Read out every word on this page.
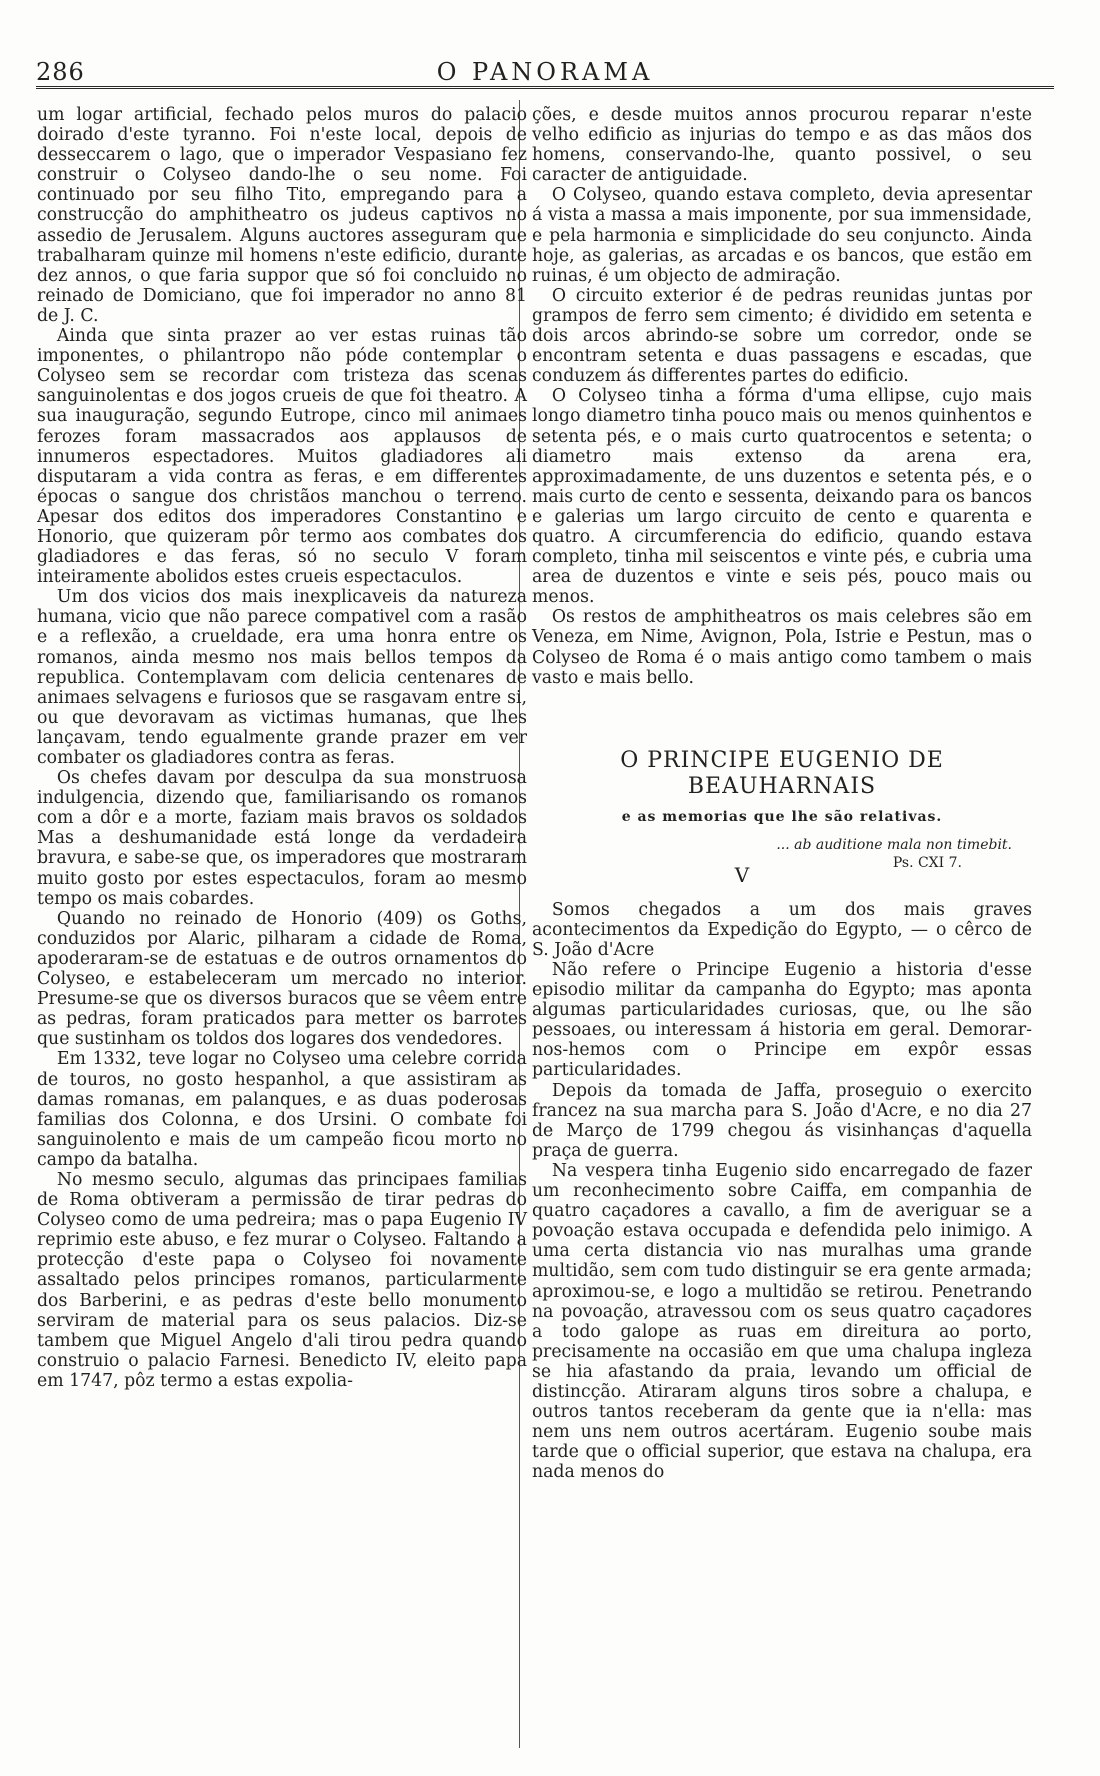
286	O PANORAMA

um logar artificial, fechado pelos muros do palacio doirado d'este tyranno. Foi n'este local, depois de desseccarem o lago, que o imperador Vespasiano fez construir o Colyseo dando-lhe o seu nome. Foi continuado por seu filho Tito, empregando para a construcção do amphitheatro os judeus captivos no assedio de Jerusalem. Alguns auctores asseguram que trabalharam quinze mil homens n'este edificio, durante dez annos, o que faria suppor que só foi concluido no reinado de Domiciano, que foi imperador no anno 81 de J. C.

Ainda que sinta prazer ao ver estas ruinas tão imponentes, o philantropo não póde contemplar o Colyseo sem se recordar com tristeza das scenas sanguinolentas e dos jogos crueis de que foi theatro. A sua inauguração, segundo Eutrope, cinco mil animaes ferozes foram massacrados aos applausos de innumeros espectadores. Muitos gladiadores ali disputaram a vida contra as feras, e em differentes épocas o sangue dos christãos manchou o terreno. Apesar dos editos dos imperadores Constantino e Honorio, que quizeram pôr termo aos combates dos gladiadores e das feras, só no seculo V foram inteiramente abolidos estes crueis espectaculos.

Um dos vicios dos mais inexplicaveis da natureza humana, vicio que não parece compativel com a rasão e a reflexão, a crueldade, era uma honra entre os romanos, ainda mesmo nos mais bellos tempos da republica. Contemplavam com delicia centenares de animaes selvagens e furiosos que se rasgavam entre si, ou que devoravam as victimas humanas, que lhes lançavam, tendo egualmente grande prazer em ver combater os gladiadores contra as feras.

Os chefes davam por desculpa da sua monstruosa indulgencia, dizendo que, familiarisando os romanos com a dôr e a morte, faziam mais bravos os soldados Mas a deshumanidade está longe da verdadeira bravura, e sabe-se que, os imperadores que mostraram muito gosto por estes espectaculos, foram ao mesmo tempo os mais cobardes.

Quando no reinado de Honorio (409) os Goths, conduzidos por Alaric, pilharam a cidade de Roma, apoderaram-se de estatuas e de outros ornamentos do Colyseo, e estabeleceram um mercado no interior. Presume-se que os diversos buracos que se vêem entre as pedras, foram praticados para metter os barrotes que sustinham os toldos dos logares dos vendedores.

Em 1332, teve logar no Colyseo uma celebre corrida de touros, no gosto hespanhol, a que assistiram as damas romanas, em palanques, e as duas poderosas familias dos Colonna, e dos Ursini. O combate foi sanguinolento e mais de um campeão ficou morto no campo da batalha.

No mesmo seculo, algumas das principaes familias de Roma obtiveram a permissão de tirar pedras do Colyseo como de uma pedreira; mas o papa Eugenio IV reprimio este abuso, e fez murar o Colyseo. Faltando a protecção d'este papa o Colyseo foi novamente assaltado pelos principes romanos, particularmente dos Barberini, e as pedras d'este bello monumento serviram de material para os seus palacios. Diz-se tambem que Miguel Angelo d'ali tirou pedra quando construio o palacio Farnesi. Benedicto IV, eleito papa em 1747, pôz termo a estas expolia-

ções, e desde muitos annos procurou reparar n'este velho edificio as injurias do tempo e as das mãos dos homens, conservando-lhe, quanto possivel, o seu caracter de antiguidade.

O Colyseo, quando estava completo, devia apresentar á vista a massa a mais imponente, por sua immensidade, e pela harmonia e simplicidade do seu conjuncto. Ainda hoje, as galerias, as arcadas e os bancos, que estão em ruinas, é um objecto de admiração.

O circuito exterior é de pedras reunidas juntas por grampos de ferro sem cimento; é dividido em setenta e dois arcos abrindo-se sobre um corredor, onde se encontram setenta e duas passagens e escadas, que conduzem ás differentes partes do edificio.

O Colyseo tinha a fórma d'uma ellipse, cujo mais longo diametro tinha pouco mais ou menos quinhentos e setenta pés, e o mais curto quatrocentos e setenta; o diametro mais extenso da arena era, approximadamente, de uns duzentos e setenta pés, e o mais curto de cento e sessenta, deixando para os bancos e galerias um largo circuito de cento e quarenta e quatro. A circumferencia do edificio, quando estava completo, tinha mil seiscentos e vinte pés, e cubria uma area de duzentos e vinte e seis pés, pouco mais ou menos.

Os restos de amphitheatros os mais celebres são em Veneza, em Nime, Avignon, Pola, Istrie e Pestun, mas o Colyseo de Roma é o mais antigo como tambem o mais vasto e mais bello.

O PRINCIPE EUGENIO DE BEAUHARNAIS
e as memorias que lhe são relativas.
... ab auditione mala non timebit.
Ps. CXI 7.
V

Somos chegados a um dos mais graves acontecimentos da Expedição do Egypto, — o cêrco de S. João d'Acre

Não refere o Principe Eugenio a historia d'esse episodio militar da campanha do Egypto; mas aponta algumas particularidades curiosas, que, ou lhe são pessoaes, ou interessam á historia em geral. Demorar-nos-hemos com o Principe em expôr essas particularidades.

Depois da tomada de Jaffa, proseguio o exercito francez na sua marcha para S. João d'Acre, e no dia 27 de Março de 1799 chegou ás visinhanças d'aquella praça de guerra.

Na vespera tinha Eugenio sido encarregado de fazer um reconhecimento sobre Caiffa, em companhia de quatro caçadores a cavallo, a fim de averiguar se a povoação estava occupada e defendida pelo inimigo. A uma certa distancia vio nas muralhas uma grande multidão, sem com tudo distinguir se era gente armada; aproximou-se, e logo a multidão se retirou. Penetrando na povoação, atravessou com os seus quatro caçadores a todo galope as ruas em direitura ao porto, precisamente na occasião em que uma chalupa ingleza se hia afastando da praia, levando um official de distincção. Atiraram alguns tiros sobre a chalupa, e outros tantos receberam da gente que ia n'ella: mas nem uns nem outros acertáram. Eugenio soube mais tarde que o official superior, que estava na chalupa, era nada menos do
